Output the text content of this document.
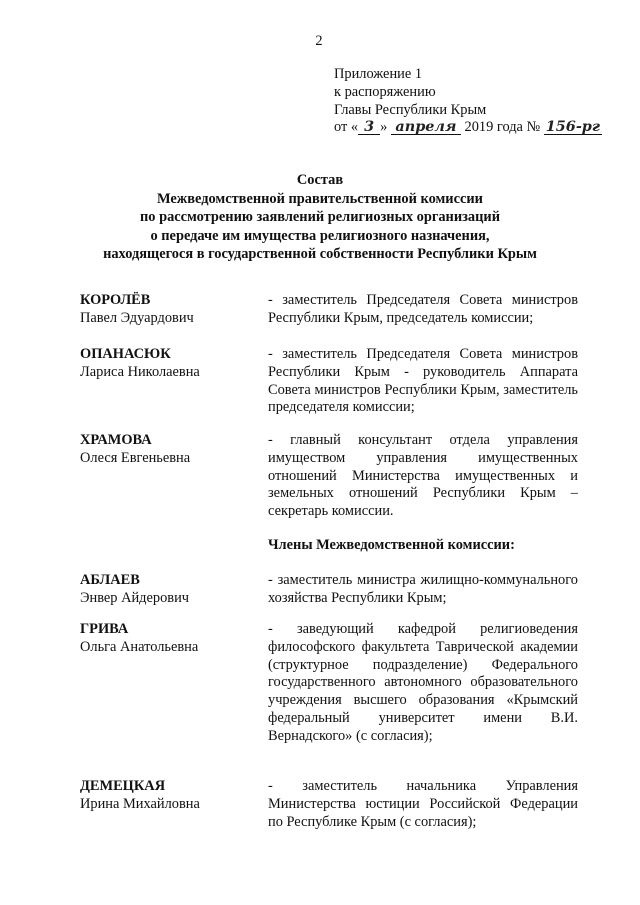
2
Приложение 1
к распоряжению
Главы Республики Крым
от « 3 » апреля 2019 года № 156-рг
Состав
Межведомственной правительственной комиссии
по рассмотрению заявлений религиозных организаций
о передаче им имущества религиозного назначения,
находящегося в государственной собственности Республики Крым
КОРОЛЁВ
Павел Эдуардович
- заместитель Председателя Совета министров Республики Крым, председатель комиссии;
ОПАНАСЮК
Лариса Николаевна
- заместитель Председателя Совета министров Республики Крым - руководитель Аппарата Совета министров Республики Крым, заместитель председателя комиссии;
ХРАМОВА
Олеся Евгеньевна
- главный консультант отдела управления имуществом управления имущественных отношений Министерства имущественных и земельных отношений Республики Крым – секретарь комиссии.
Члены Межведомственной комиссии:
АБЛАЕВ
Энвер Айдерович
- заместитель министра жилищно-коммунального хозяйства Республики Крым;
ГРИВА
Ольга Анатольевна
- заведующий кафедрой религиоведения философского факультета Таврической академии (структурное подразделение) Федерального государственного автономного образовательного учреждения высшего образования «Крымский федеральный университет имени В.И. Вернадского» (с согласия);
ДЕМЕЦКАЯ
Ирина Михайловна
- заместитель начальника Управления Министерства юстиции Российской Федерации по Республике Крым (с согласия);
